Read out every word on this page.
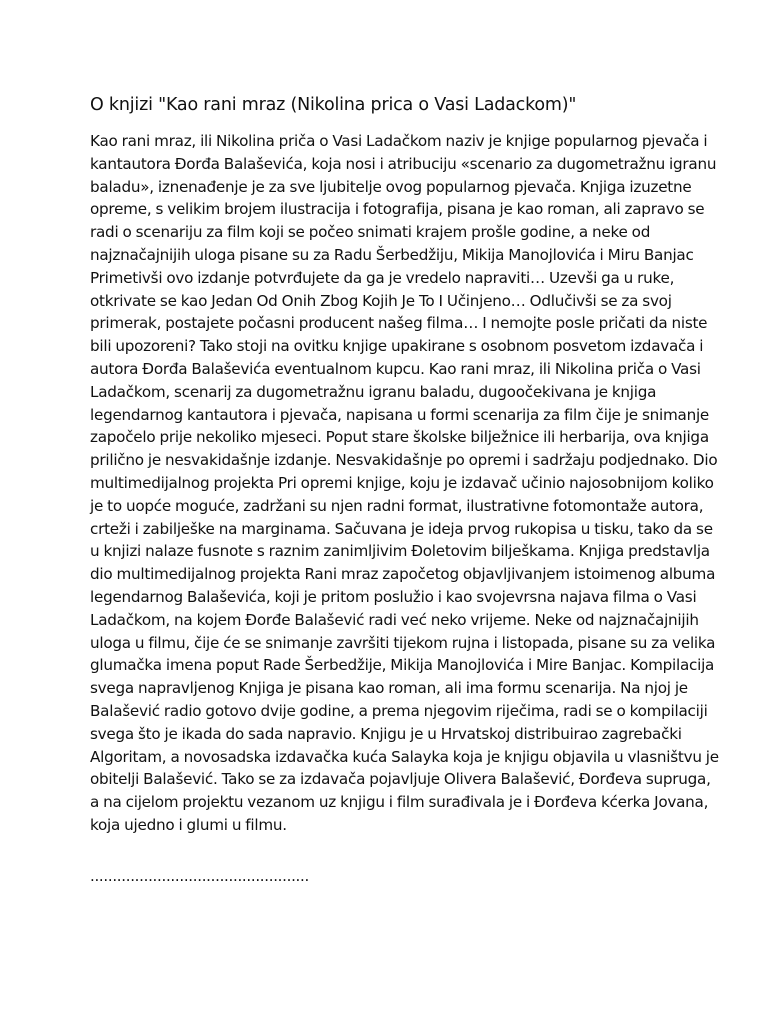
O knjizi "Kao rani mraz (Nikolina prica o Vasi Ladackom)"

Kao rani mraz, ili Nikolina priča o Vasi Ladačkom naziv je knjige popularnog pjevača i kantautora Đorđa Balaševića, koja nosi i atribuciju «scenario za dugometražnu igranu baladu», iznenađenje je za sve ljubitelje ovog popularnog pjevača. Knjiga izuzetne opreme, s velikim brojem ilustracija i fotografija, pisana je kao roman, ali zapravo se radi o scenariju za film koji se počeo snimati krajem prošle godine, a neke od najznačajnijih uloga pisane su za Radu Šerbedžiju, Mikija Manojlovića i Miru Banjac Primetivši ovo izdanje potvrđujete da ga je vredelo napraviti… Uzevši ga u ruke, otkrivate se kao Jedan Od Onih Zbog Kojih Je To I Učinjeno… Odlučivši se za svoj primerak, postajete počasni producent našeg filma… I nemojte posle pričati da niste bili upozoreni? Tako stoji na ovitku knjige upakirane s osobnom posvetom izdavača i autora Đorđa Balaševića eventualnom kupcu. Kao rani mraz, ili Nikolina priča o Vasi Ladačkom, scenarij za dugometražnu igranu baladu, dugoočekivana je knjiga legendarnog kantautora i pjevača, napisana u formi scenarija za film čije je snimanje započelo prije nekoliko mjeseci. Poput stare školske bilježnice ili herbarija, ova knjiga prilično je nesvakidašnje izdanje. Nesvakidašnje po opremi i sadržaju podjednako. Dio multimedijalnog projekta Pri opremi knjige, koju je izdavač učinio najosobnijom koliko je to uopće moguće, zadržani su njen radni format, ilustrativne fotomontaže autora, crteži i zabilješke na marginama. Sačuvana je ideja prvog rukopisa u tisku, tako da se u knjizi nalaze fusnote s raznim zanimljivim Đoletovim bilješkama. Knjiga predstavlja dio multimedijalnog projekta Rani mraz započetog objavljivanjem istoimenog albuma legendarnog Balaševića, koji je pritom poslužio i kao svojevrsna najava filma o Vasi Ladačkom, na kojem Đorđe Balašević radi već neko vrijeme. Neke od najznačajnijih uloga u filmu, čije će se snimanje završiti tijekom rujna i listopada, pisane su za velika glumačka imena poput Rade Šerbedžije, Mikija Manojlovića i Mire Banjac. Kompilacija svega napravljenog Knjiga je pisana kao roman, ali ima formu scenarija. Na njoj je Balašević radio gotovo dvije godine, a prema njegovim riječima, radi se o kompilaciji svega što je ikada do sada napravio. Knjigu je u Hrvatskoj distribuirao zagrebački Algoritam, a novosadska izdavačka kuća Salayka koja je knjigu objavila u vlasništvu je obitelji Balašević. Tako se za izdavača pojavljuje Olivera Balašević, Đorđeva supruga, a na cijelom projektu vezanom uz knjigu i film surađivala je i Đorđeva kćerka Jovana, koja ujedno i glumi u filmu.

.................................................
